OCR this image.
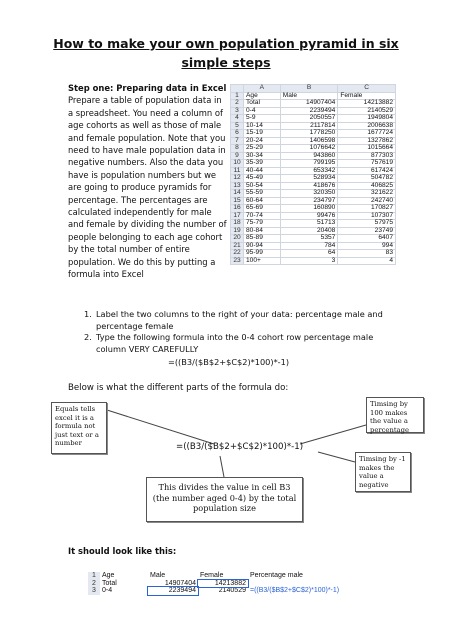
How to make your own population pyramid in six
simple steps
Step one: Preparing data in Excel
Prepare a table of population data in a spreadsheet. You need a column of age cohorts as well as those of male and female population. Note that you need to have male population data in negative numbers. Also the data you have is population numbers but we are going to produce pyramids for percentage. The percentages are calculated independently for male and female by dividing the number of people belonging to each age cohort by the total number of entire population. We do this by putting a formula into Excel
	A	B	C
1	Age	Male	Female
2	Total	14907404	14213882
3	0-4	2239494	2140529
4	5-9	2050557	1949804
5	10-14	2117814	2006638
6	15-19	1778250	1677724
7	20-24	1406598	1327862
8	25-29	1076642	1015664
9	30-34	943860	877303
10	35-39	799195	757619
11	40-44	653342	617424
12	45-49	528934	504782
13	50-54	418676	406825
14	55-59	320350	321622
15	60-64	234797	242740
16	65-69	160890	170827
17	70-74	99476	107307
18	75-79	51713	57975
19	80-84	20408	23749
20	85-89	5357	6407
21	90-94	784	994
22	95-99	64	83
23	100+	3	4
1. Label the two columns to the right of your data: percentage male and percentage female
2. Type the following formula into the 0-4 cohort row percentage male column VERY CAREFULLY
=((B3/($B$2+$C$2)*100)*-1)
Below is what the different parts of the formula do:
Equals tells excel it is a formula not just text or a number
Timsing by 100 makes the value a percentage
Timsing by -1 makes the value a negative
=((B3/($B$2+$C$2)*100)*-1)
This divides the value in cell B3 (the number aged 0-4) by the total population size
It should look like this:
1	Age	Male	Female	Percentage male
2	Total	14907404	14213882	
3	0-4	2239494	2140529	=((B3/($B$2+$C$2)*100)*-1)
